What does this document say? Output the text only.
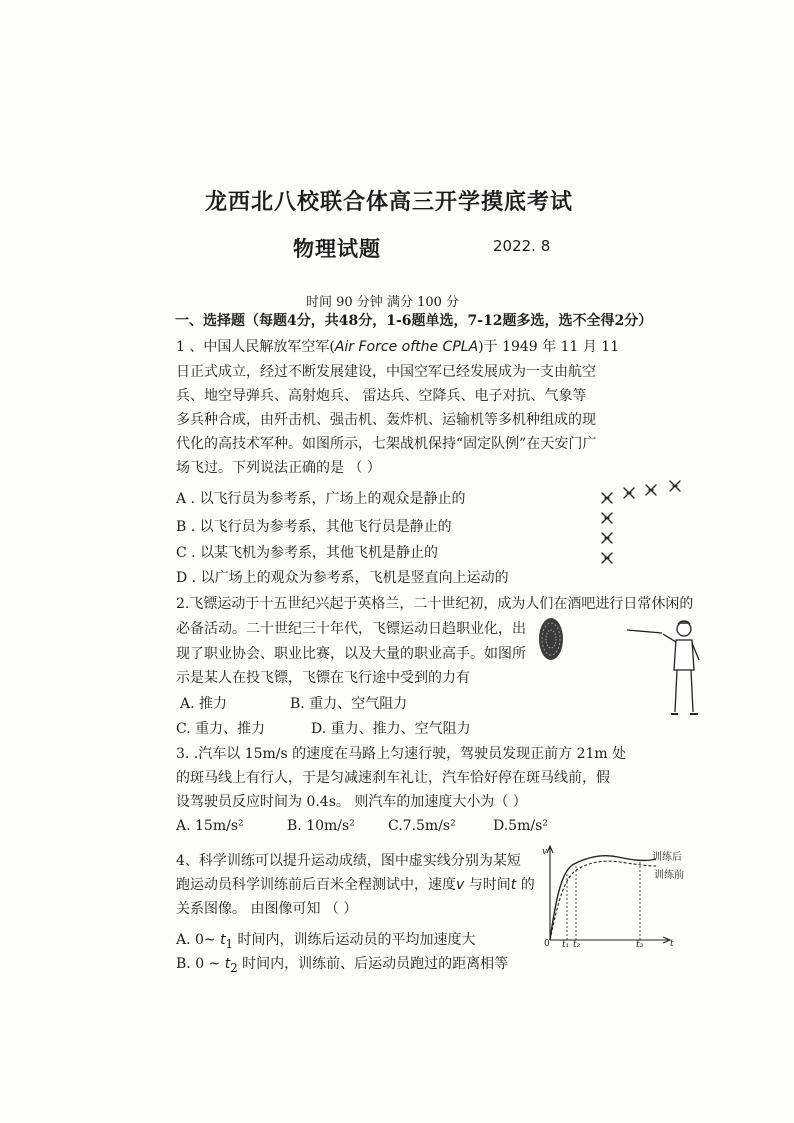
龙西北八校联合体高三开学摸底考试
物理试题	2022. 8
时间 90 分钟 满分 100 分
一、选择题（每题4分，共48分，1-6题单选，7-12题多选，选不全得2分）
1 、中国人民解放军空军(Air Force ofthe CPLA)于 1949 年 11 月 11
日正式成立，经过不断发展建设，中国空军已经发展成为一支由航空
兵、地空导弹兵、高射炮兵、 雷达兵、空降兵、电子对抗、气象等
多兵种合成，由歼击机、强击机、轰炸机、运输机等多机种组成的现
代化的高技术军种。如图所示，七架战机保持“固定队例”在天安门广
场飞过。下列说法正确的是 （ ）
A . 以飞行员为参考系，广场上的观众是静止的
B . 以飞行员为参考系，其他飞行员是静止的
C . 以某飞机为参考系，其他飞机是静止的
D . 以广场上的观众为参考系，飞机是竖直向上运动的
2.飞镖运动于十五世纪兴起于英格兰，二十世纪初，成为人们在酒吧进行日常休闲的
必备活动。二十世纪三十年代，飞镖运动日趋职业化，出
现了职业协会、职业比赛，以及大量的职业高手。如图所
示是某人在投飞镖，飞镖在飞行途中受到的力有
A. 推力	B. 重力、空气阻力
C. 重力、推力	D. 重力、推力、空气阻力
3. .汽车以 15m/s 的速度在马路上匀速行驶，驾驶员发现正前方 21m 处
的斑马线上有行人，于是匀减速刹车礼让，汽车恰好停在斑马线前，假
设驾驶员反应时间为 0.4s。 则汽车的加速度大小为（ ）
A. 15m/s²	B. 10m/s² C.7.5m/s²	D.5m/s²
4、科学训练可以提升运动成绩，图中虚实线分别为某短
跑运动员科学训练前后百米全程测试中，速度v 与时间t 的
关系图像。 由图像可知 （ ）
A. 0~ $t_1$ 时间内，训练后运动员的平均加速度大
B. 0 ~ $t_2$ 时间内，训练前、后运动员跑过的距离相等
v
t
0 t₁ t₂	t₃
训练后
训练前
